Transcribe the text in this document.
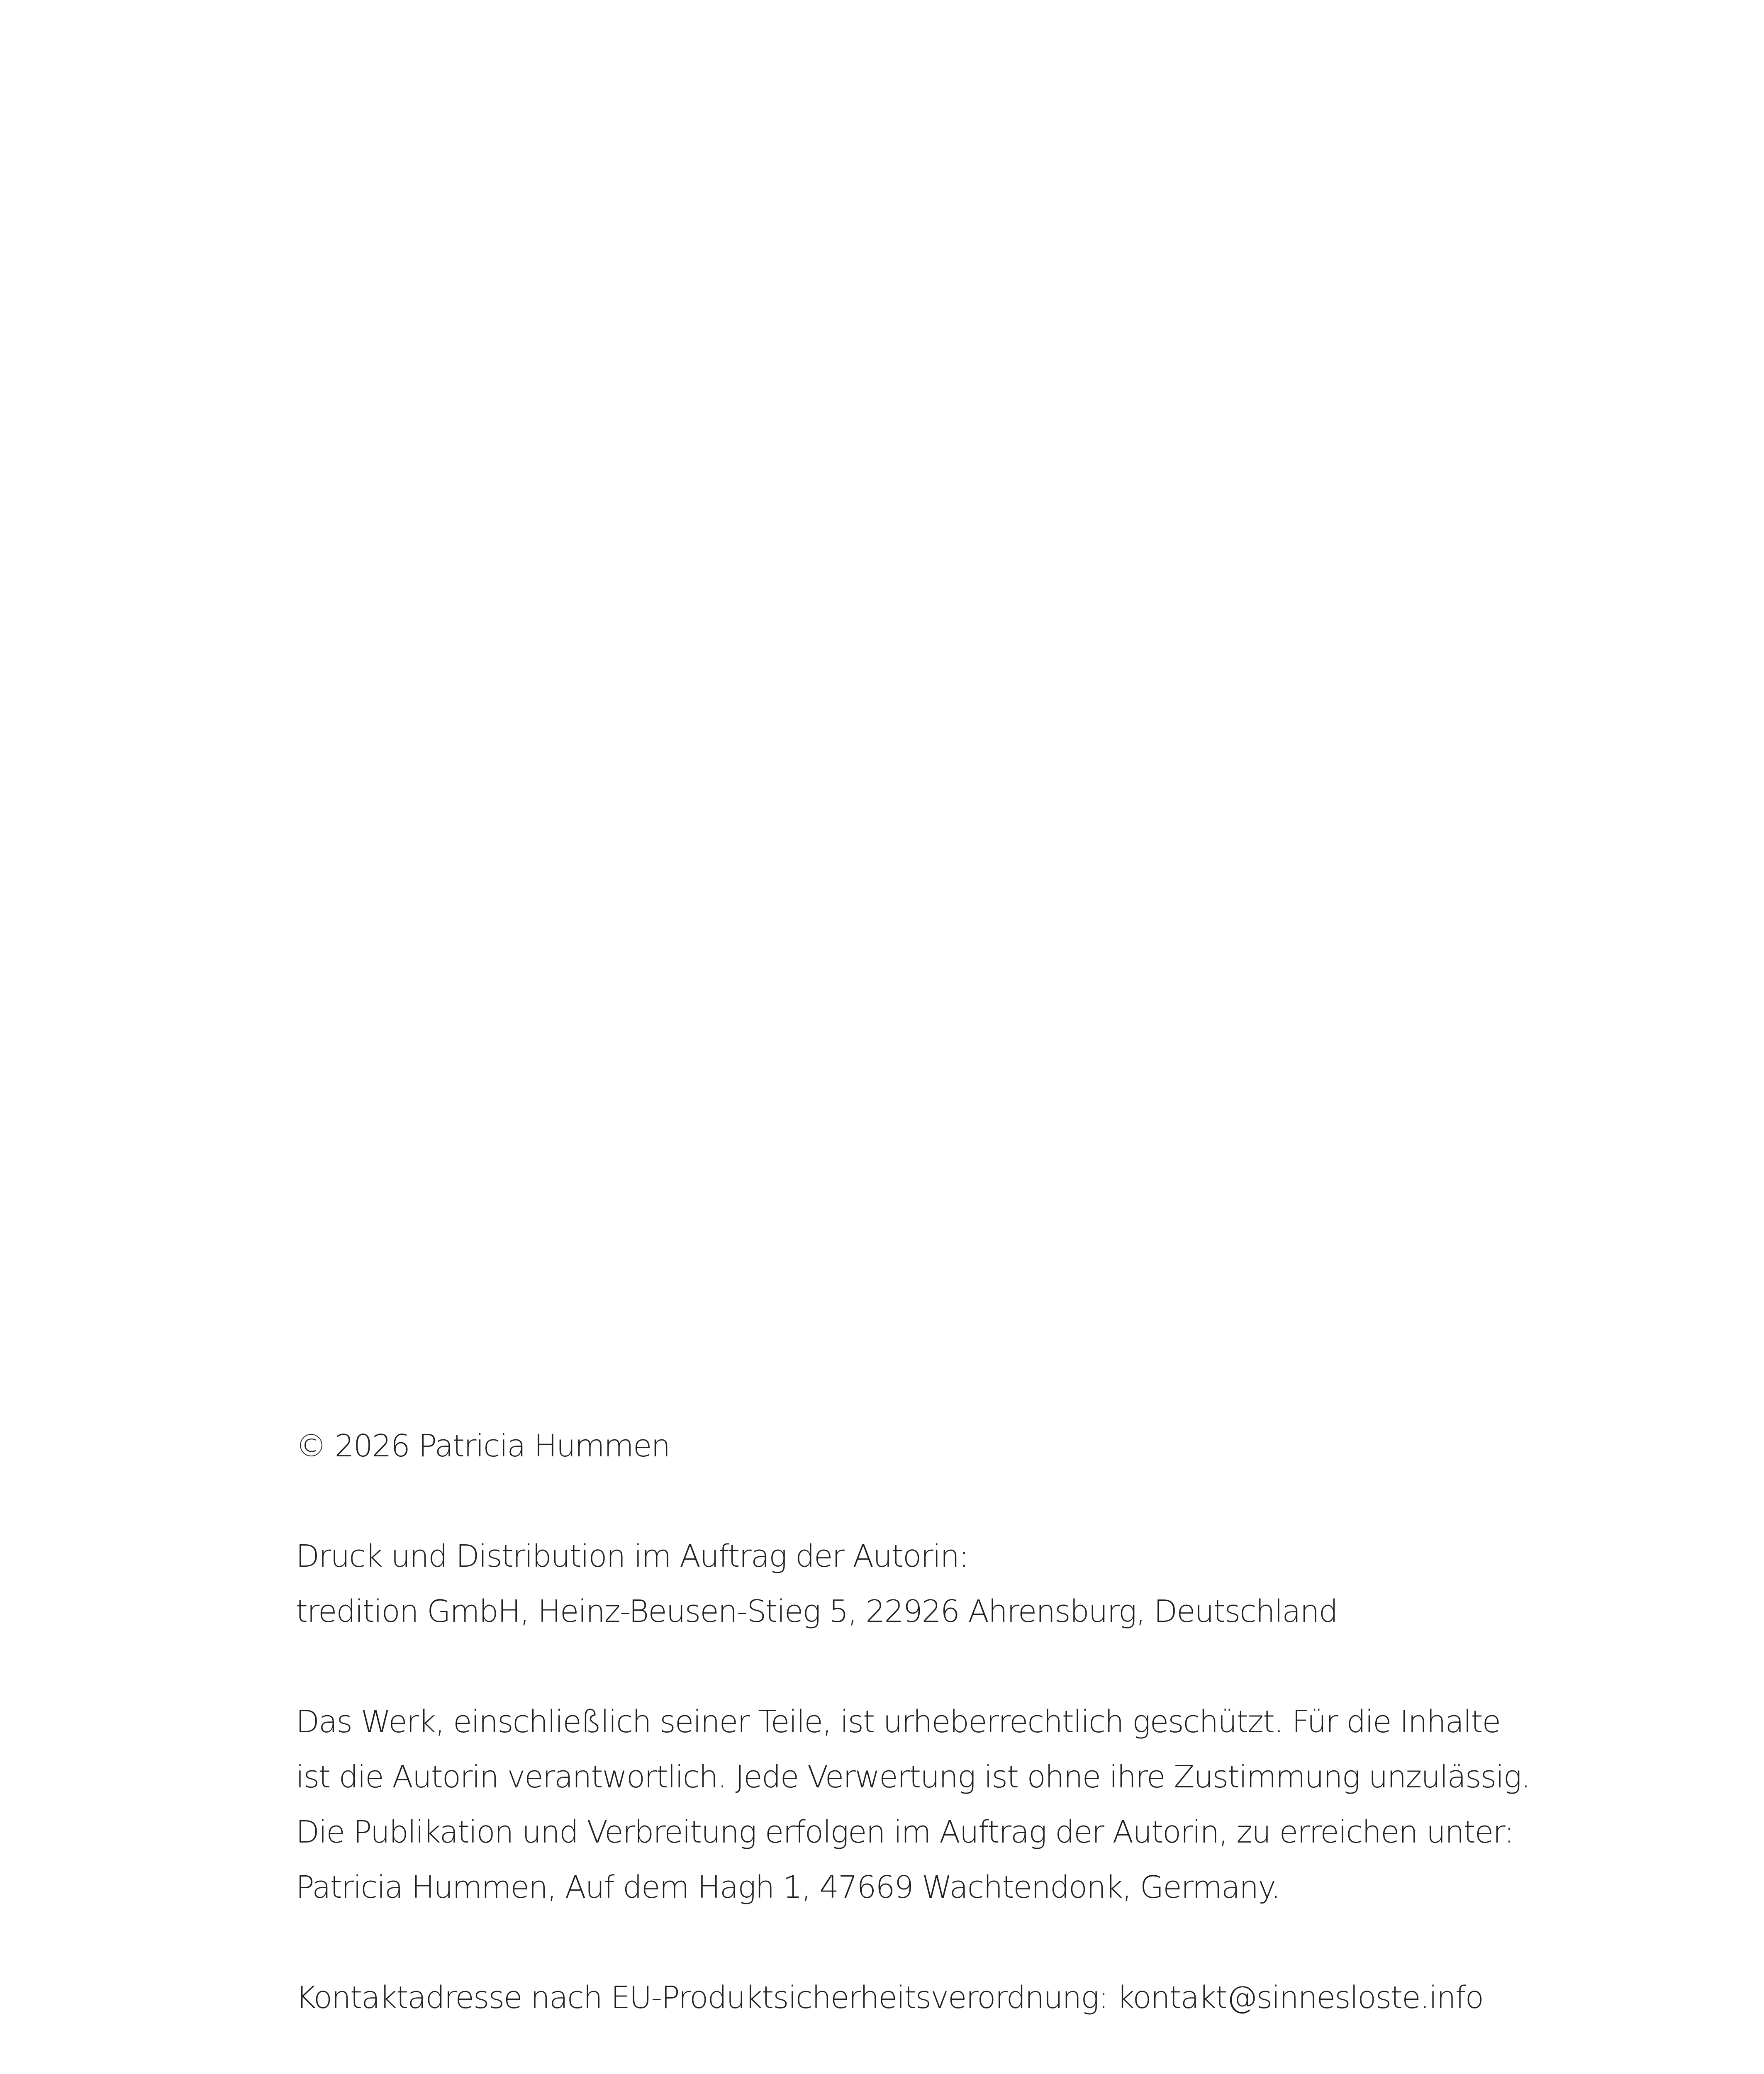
© 2026 Patricia Hummen
Druck und Distribution im Auftrag der Autorin:
tredition GmbH, Heinz-Beusen-Stieg 5, 22926 Ahrensburg, Deutschland
Das Werk, einschließlich seiner Teile, ist urheberrechtlich geschützt. Für die Inhalte
ist die Autorin verantwortlich. Jede Verwertung ist ohne ihre Zustimmung unzulässig.
Die Publikation und Verbreitung erfolgen im Auftrag der Autorin, zu erreichen unter:
Patricia Hummen, Auf dem Hagh 1, 47669 Wachtendonk, Germany.
Kontaktadresse nach EU-Produktsicherheitsverordnung: kontakt@sinnesloste.info
